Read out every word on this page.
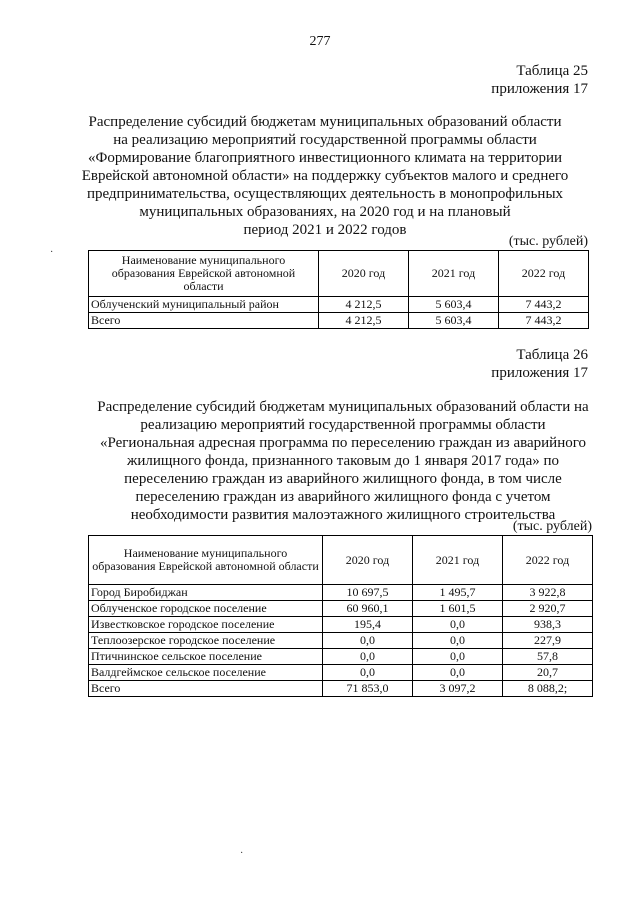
277
Таблица 25
приложения 17
Распределение субсидий бюджетам муниципальных образований области
на реализацию мероприятий государственной программы области
«Формирование благоприятного инвестиционного климата на территории
Еврейской автономной области» на поддержку субъектов малого и среднего
предпринимательства, осуществляющих деятельность в монопрофильных
муниципальных образованиях, на 2020 год и на плановый
период 2021 и 2022 годов
(тыс. рублей)
Наименование муниципального образования Еврейской автономной области	2020 год	2021 год	2022 год
Облученский муниципальный район	4 212,5	5 603,4	7 443,2
Всего	4 212,5	5 603,4	7 443,2
Таблица 26
приложения 17
Распределение субсидий бюджетам муниципальных образований области на
реализацию мероприятий государственной программы области
«Региональная адресная программа по переселению граждан из аварийного
жилищного фонда, признанного таковым до 1 января 2017 года» по
переселению граждан из аварийного жилищного фонда, в том числе
переселению граждан из аварийного жилищного фонда с учетом
необходимости развития малоэтажного жилищного строительства
(тыс. рублей)
Наименование муниципального образования Еврейской автономной области	2020 год	2021 год	2022 год
Город Биробиджан	10 697,5	1 495,7	3 922,8
Облученское городское поселение	60 960,1	1 601,5	2 920,7
Известковское городское поселение	195,4	0,0	938,3
Теплоозерское городское поселение	0,0	0,0	227,9
Птичнинское сельское поселение	0,0	0,0	57,8
Валдгеймское сельское поселение	0,0	0,0	20,7
Всего	71 853,0	3 097,2	8 088,2;
·
·
